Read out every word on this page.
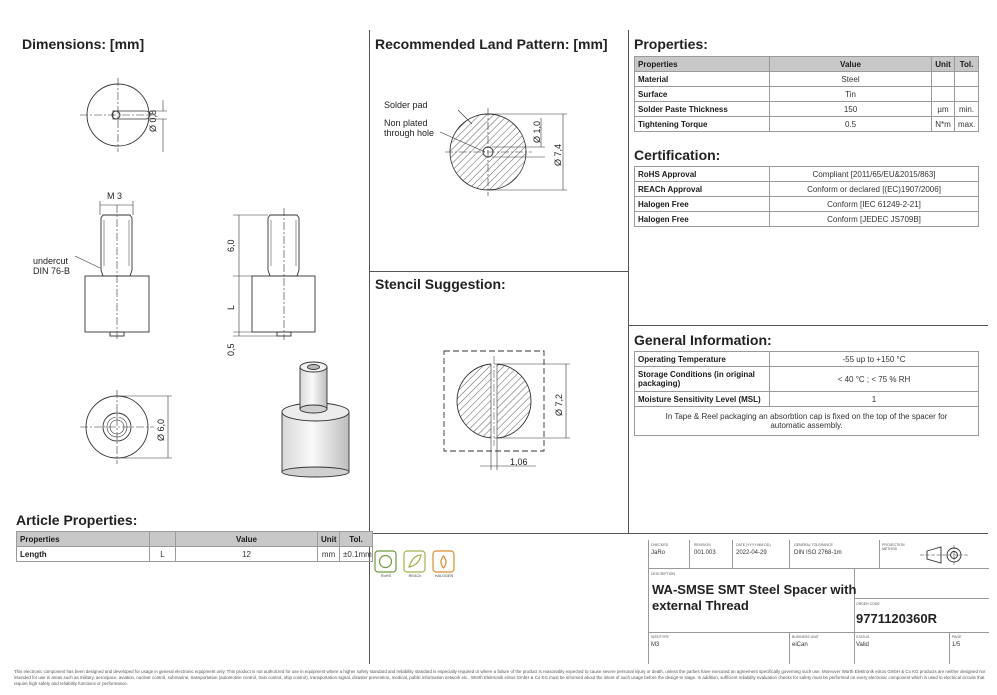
Dimensions: [mm]	Recommended Land Pattern: [mm] Properties:
Certification:
Stencil Suggestion:
General Information:
Article Properties:
Ø 0,8
M 3
undercut
DIN 76-B
6,0
L
0,5
Ø 6,0
Solder pad
Non plated
through hole	Ø 1,0
Ø 7,4
Ø 7,2
1,06
Properties	Value	Unit	Tol.
Material	Steel		
Surface	Tin		
Solder Paste Thickness	150	µm	min.
Tightening Torque	0.5	N*m	max.
RoHS Approval	Compliant [2011/65/EU&2015/863]
REACh Approval	Conform or declared [(EC)1907/2006]
Halogen Free	Conform [IEC 61249-2-21]
Halogen Free	Conform [JEDEC JS709B]
Operating Temperature	-55 up to +150 °C
Storage Conditions (in original packaging)	< 40 °C ; < 75 % RH
Moisture Sensitivity Level (MSL)	1
In Tape & Reel packaging an absorbtion cap is fixed on the top of the spacer for automatic assembly.	
Properties		Value	Unit	Tol.
Length	L	12	mm	±0.1mm
RoHS	REACh	HALOGEN
CHECKED
JaRo
REVISION
001.003
DATE (YYYY-MM-DD)
2022-04-29
GENERAL TOLERANCE
DIN ISO 2768-1m
PROJECTION METHOD
DESCRIPTION
WA-SMSE SMT Steel Spacer with
external Thread	ORDER CODE
9771120360R
SIZE/TYPE
M3
BUSINESS UNIT
eiCan
STATUS
Valid
PAGE
1/5
This electronic component has been designed and developed for usage in general electronic equipment only. This product is not authorized for use in equipment where a higher safety standard and reliability standard is especially required or where a failure of the product is reasonably expected to cause severe personal injury or death, unless the parties have executed an agreement specifically governing such use. Moreover Würth Elektronik eiSos GmbH & Co KG products are neither designed nor intended for use in areas such as military, aerospace, aviation, nuclear control, submarine, transportation (automotive control, train control, ship control), transportation signal, disaster prevention, medical, public information network etc.. Würth Elektronik eiSos GmbH & Co KG must be informed about the intent of such usage before the design-in stage. In addition, sufficient reliability evaluation checks for safety must be performed on every electronic component which is used in electrical circuits that require high safety and reliability functions or performance.
